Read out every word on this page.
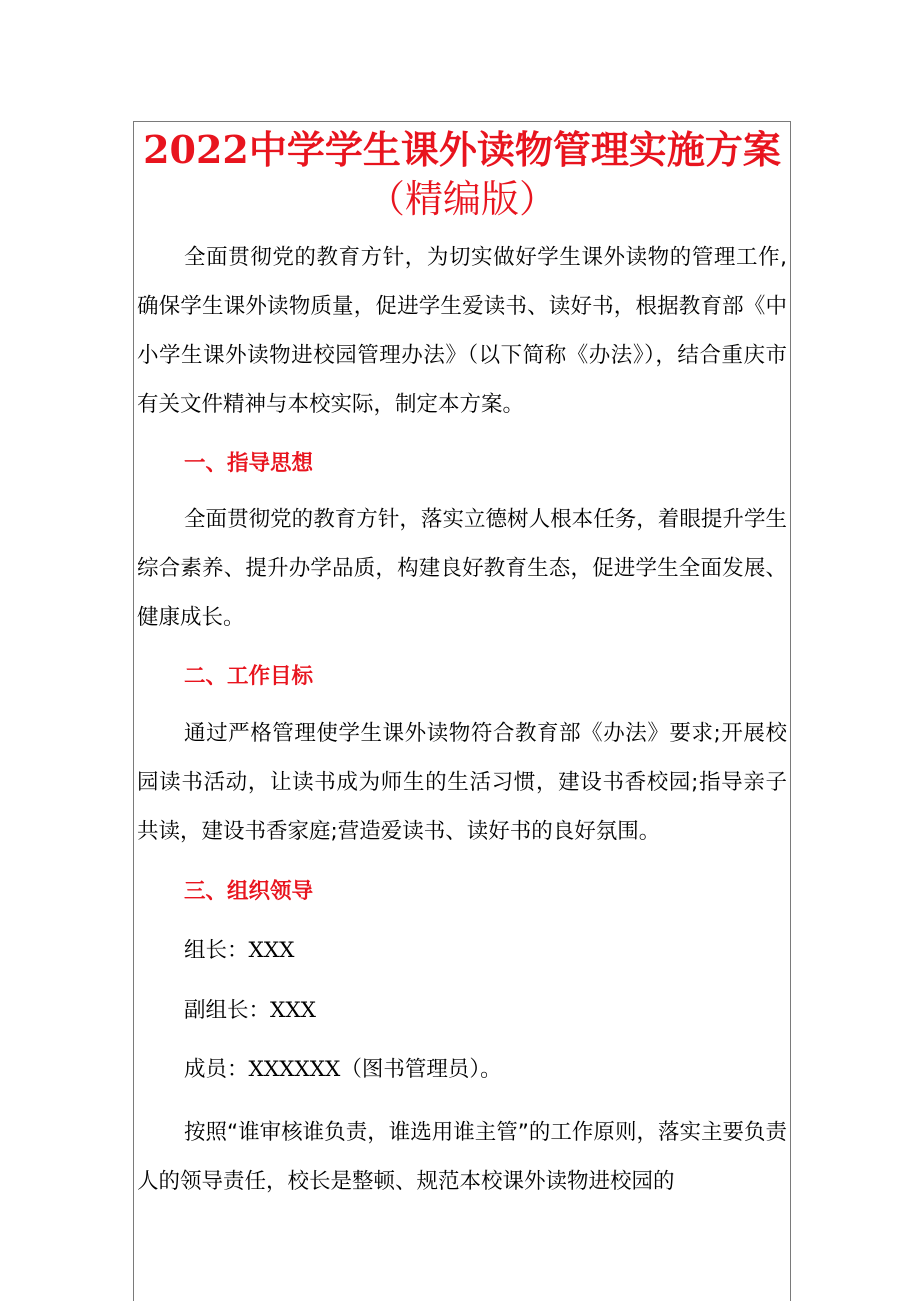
2022中学学生课外读物管理实施方案
（精编版）

全面贯彻党的教育方针，为切实做好学生课外读物的管理工作,确保学生课外读物质量，促进学生爱读书、读好书，根据教育部《中小学生课外读物进校园管理办法》（以下简称《办法》），结合重庆市有关文件精神与本校实际，制定本方案。

一、指导思想

全面贯彻党的教育方针，落实立德树人根本任务，着眼提升学生综合素养、提升办学品质，构建良好教育生态，促进学生全面发展、健康成长。

二、工作目标

通过严格管理使学生课外读物符合教育部《办法》要求;开展校园读书活动，让读书成为师生的生活习惯，建设书香校园;指导亲子共读，建设书香家庭;营造爱读书、读好书的良好氛围。

三、组织领导
组长：XXX
副组长：XXX
成员：XXXXXX（图书管理员）。

按照“谁审核谁负责，谁选用谁主管”的工作原则，落实主要负责人的领导责任，校长是整顿、规范本校课外读物进校园的
